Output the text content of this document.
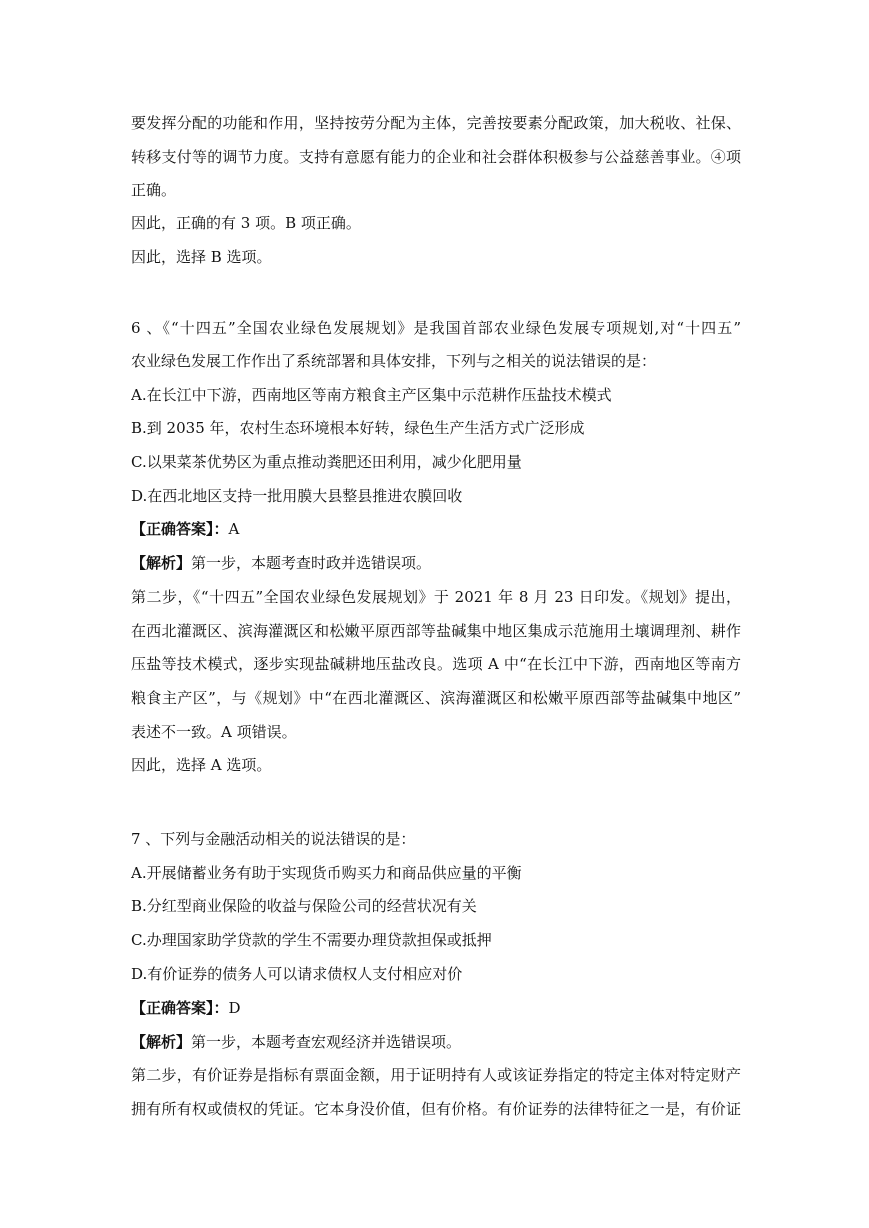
要发挥分配的功能和作用，坚持按劳分配为主体，完善按要素分配政策，加大税收、社保、
转移支付等的调节力度。支持有意愿有能力的企业和社会群体积极参与公益慈善事业。④项
正确。
因此，正确的有 3 项。B 项正确。
因此，选择 B 选项。
6 、《“十四五”全国农业绿色发展规划》是我国首部农业绿色发展专项规划,对“十四五”
农业绿色发展工作作出了系统部署和具体安排，下列与之相关的说法错误的是：
A.在长江中下游，西南地区等南方粮食主产区集中示范耕作压盐技术模式
B.到 2035 年，农村生态环境根本好转，绿色生产生活方式广泛形成
C.以果菜茶优势区为重点推动粪肥还田利用，减少化肥用量
D.在西北地区支持一批用膜大县整县推进农膜回收
【正确答案】：A
【解析】第一步，本题考查时政并选错误项。
第二步，《“十四五”全国农业绿色发展规划》于 2021 年 8 月 23 日印发。《规划》提出，
在西北灌溉区、滨海灌溉区和松嫩平原西部等盐碱集中地区集成示范施用土壤调理剂、耕作
压盐等技术模式，逐步实现盐碱耕地压盐改良。选项 A 中“在长江中下游，西南地区等南方
粮食主产区”，与《规划》中“在西北灌溉区、滨海灌溉区和松嫩平原西部等盐碱集中地区”
表述不一致。A 项错误。
因此，选择 A 选项。
7 、下列与金融活动相关的说法错误的是：
A.开展储蓄业务有助于实现货币购买力和商品供应量的平衡
B.分红型商业保险的收益与保险公司的经营状况有关
C.办理国家助学贷款的学生不需要办理贷款担保或抵押
D.有价证券的债务人可以请求债权人支付相应对价
【正确答案】：D
【解析】第一步，本题考查宏观经济并选错误项。
第二步，有价证券是指标有票面金额，用于证明持有人或该证券指定的特定主体对特定财产
拥有所有权或债权的凭证。它本身没价值，但有价格。有价证券的法律特征之一是，有价证
